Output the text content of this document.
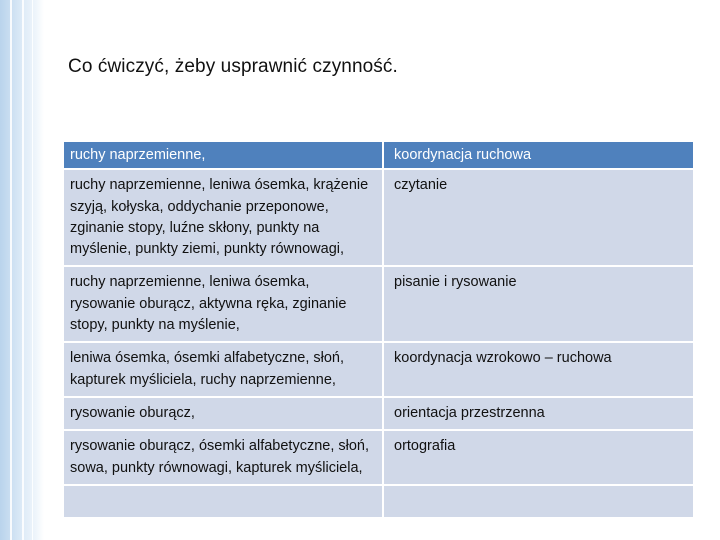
Co ćwiczyć, żeby usprawnić czynność.
ruchy naprzemienne,	koordynacja ruchowa
ruchy naprzemienne, leniwa ósemka, krążenie szyją, kołyska, oddychanie przeponowe, zginanie stopy, luźne skłony, punkty na myślenie, punkty ziemi, punkty równowagi,	czytanie
ruchy naprzemienne, leniwa ósemka, rysowanie oburącz, aktywna ręka, zginanie stopy, punkty na myślenie,	pisanie i rysowanie
leniwa ósemka, ósemki alfabetyczne, słoń, kapturek myśliciela, ruchy naprzemienne,	koordynacja wzrokowo – ruchowa
rysowanie oburącz,	orientacja przestrzenna
rysowanie oburącz, ósemki alfabetyczne, słoń, sowa, punkty równowagi, kapturek myśliciela,	ortografia
